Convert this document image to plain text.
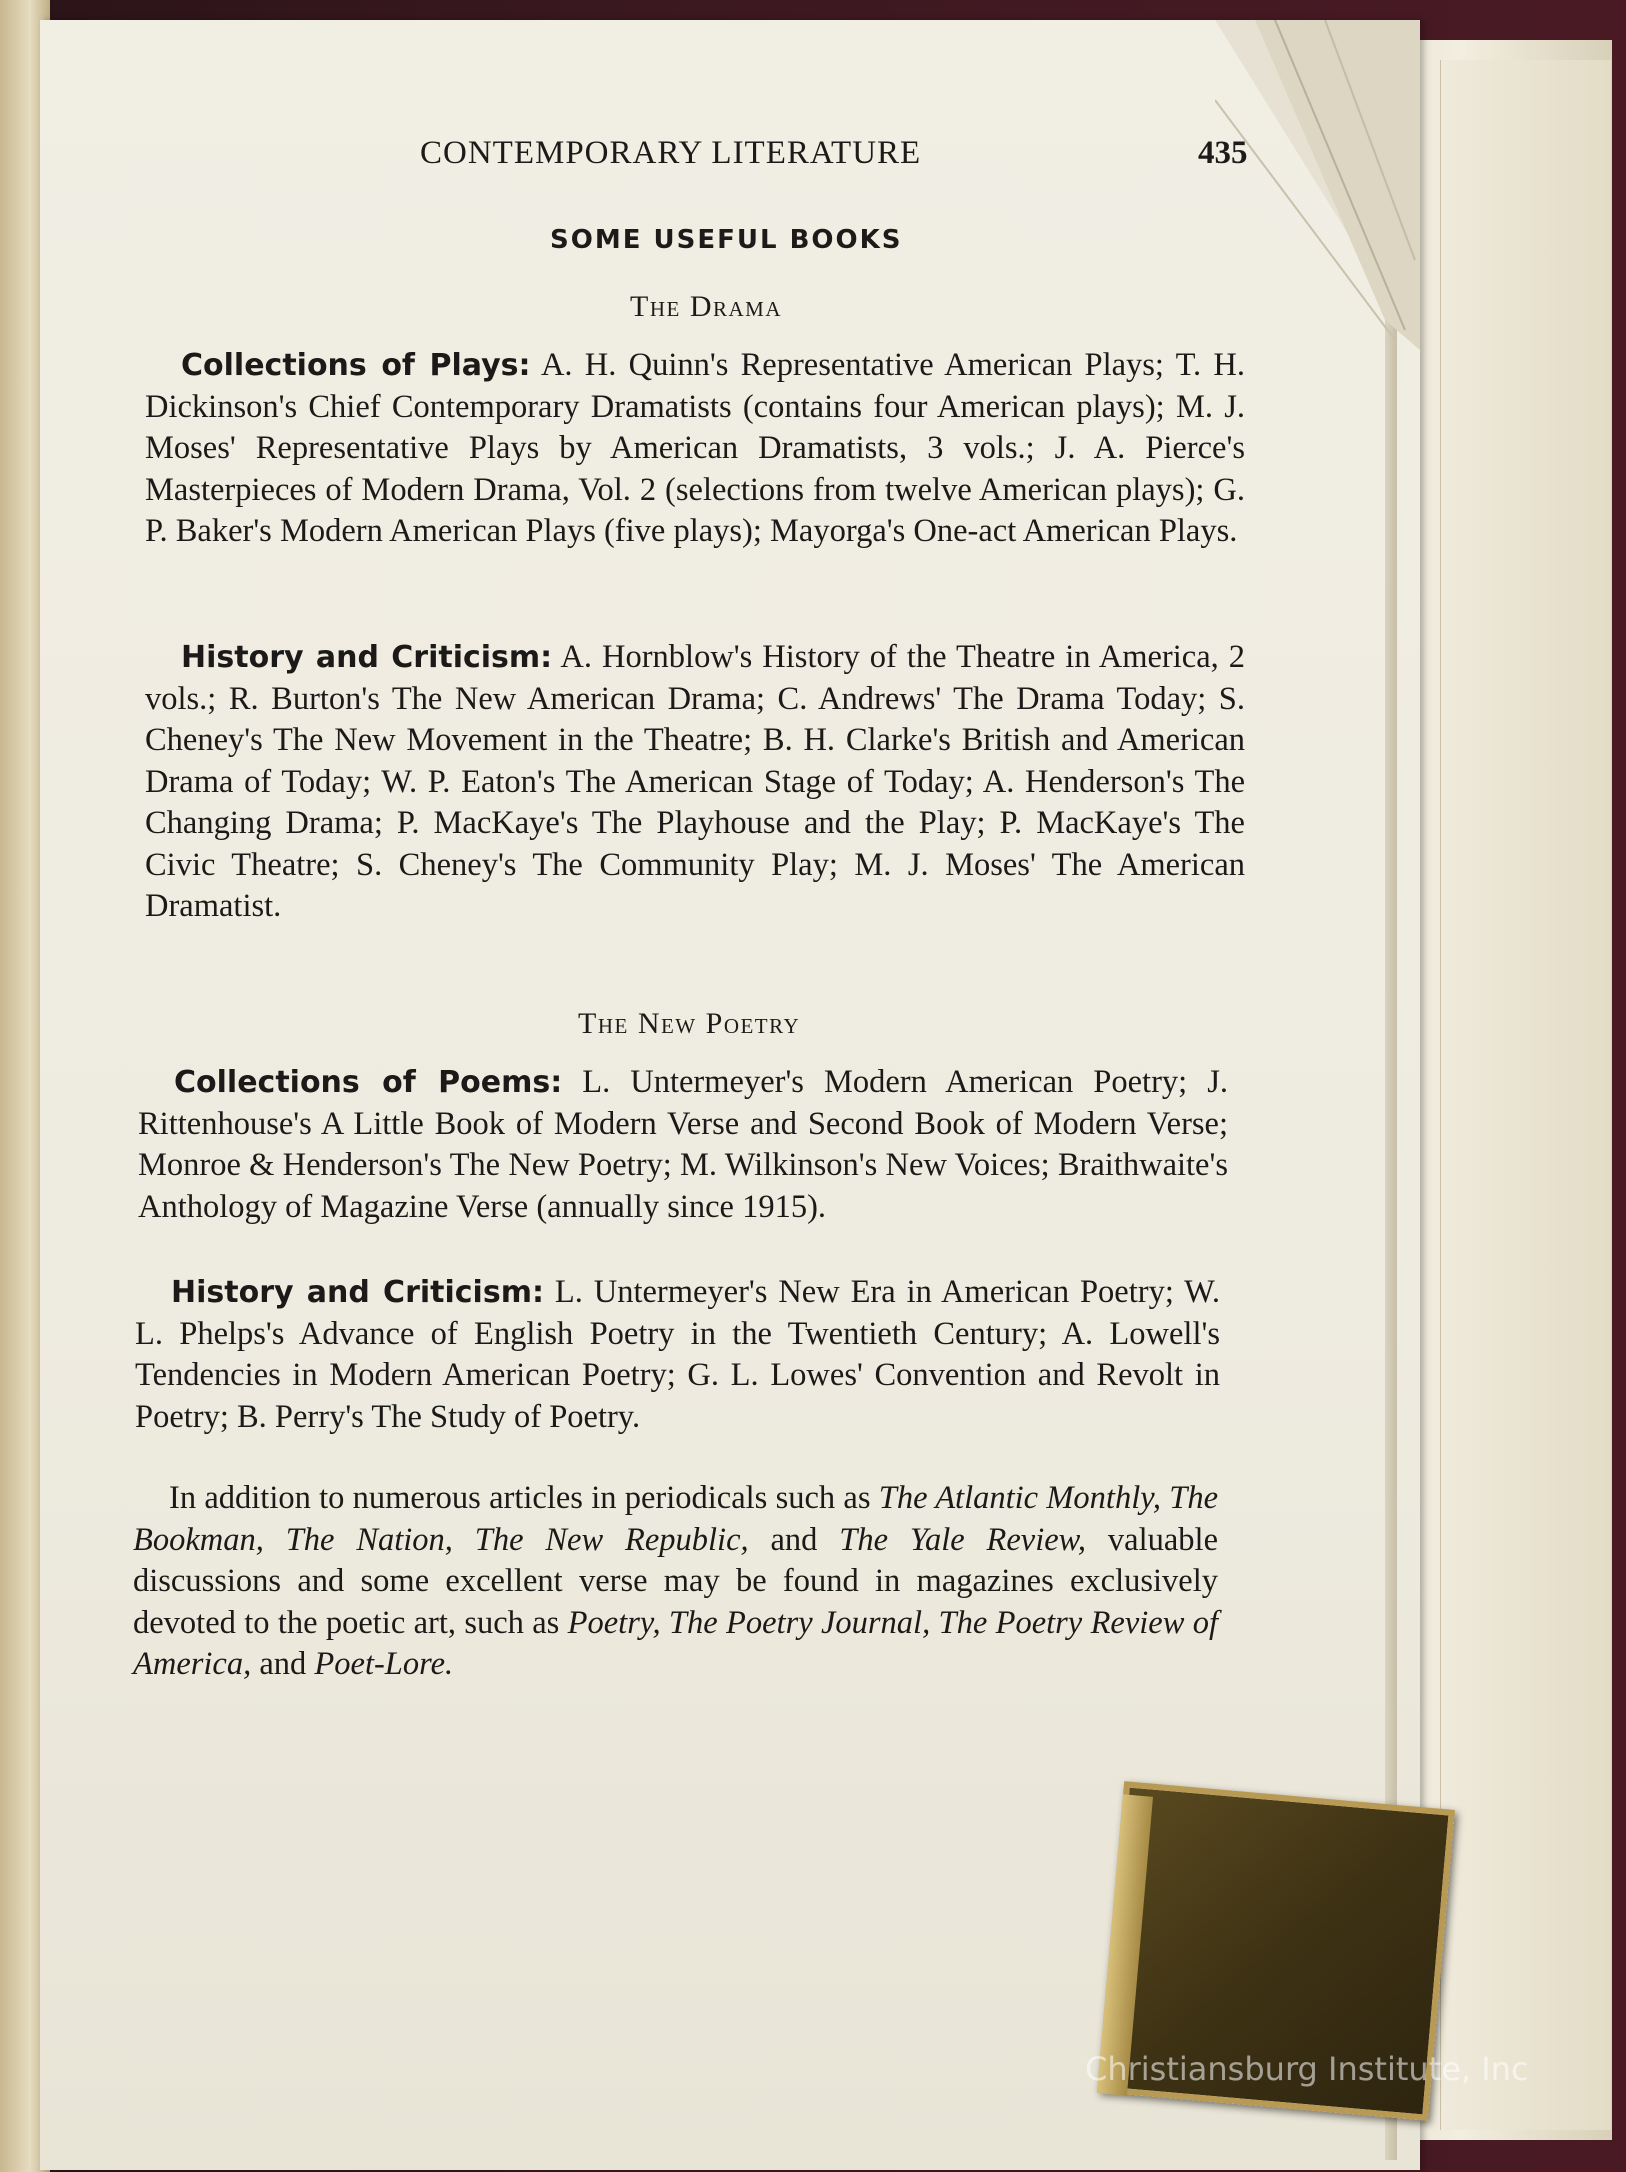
CONTEMPORARY LITERATURE	435
SOME USEFUL BOOKS
The Drama
Collections of Plays: A. H. Quinn's Representative American Plays; T. H. Dickinson's Chief Contemporary Dramatists (contains four American plays); M. J. Moses' Representative Plays by American Dramatists, 3 vols.; J. A. Pierce's Masterpieces of Modern Drama, Vol. 2 (selections from twelve American plays); G. P. Baker's Modern American Plays (five plays); Mayorga's One-act American Plays.
History and Criticism: A. Hornblow's History of the Theatre in America, 2 vols.; R. Burton's The New American Drama; C. Andrews' The Drama Today; S. Cheney's The New Movement in the Theatre; B. H. Clarke's British and American Drama of Today; W. P. Eaton's The American Stage of Today; A. Henderson's The Changing Drama; P. MacKaye's The Playhouse and the Play; P. MacKaye's The Civic Theatre; S. Cheney's The Community Play; M. J. Moses' The American Dramatist.
The New Poetry
Collections of Poems: L. Untermeyer's Modern American Poetry; J. Rittenhouse's A Little Book of Modern Verse and Second Book of Modern Verse; Monroe & Henderson's The New Poetry; M. Wilkinson's New Voices; Braithwaite's Anthology of Magazine Verse (annually since 1915).
History and Criticism: L. Untermeyer's New Era in American Poetry; W. L. Phelps's Advance of English Poetry in the Twentieth Century; A. Lowell's Tendencies in Modern American Poetry; G. L. Lowes' Convention and Revolt in Poetry; B. Perry's The Study of Poetry.
In addition to numerous articles in periodicals such as The Atlantic Monthly, The Bookman, The Nation, The New Republic, and The Yale Review, valuable discussions and some excellent verse may be found in magazines exclusively devoted to the poetic art, such as Poetry, The Poetry Journal, The Poetry Review of America, and Poet-Lore.
Christiansburg Institute, Inc
